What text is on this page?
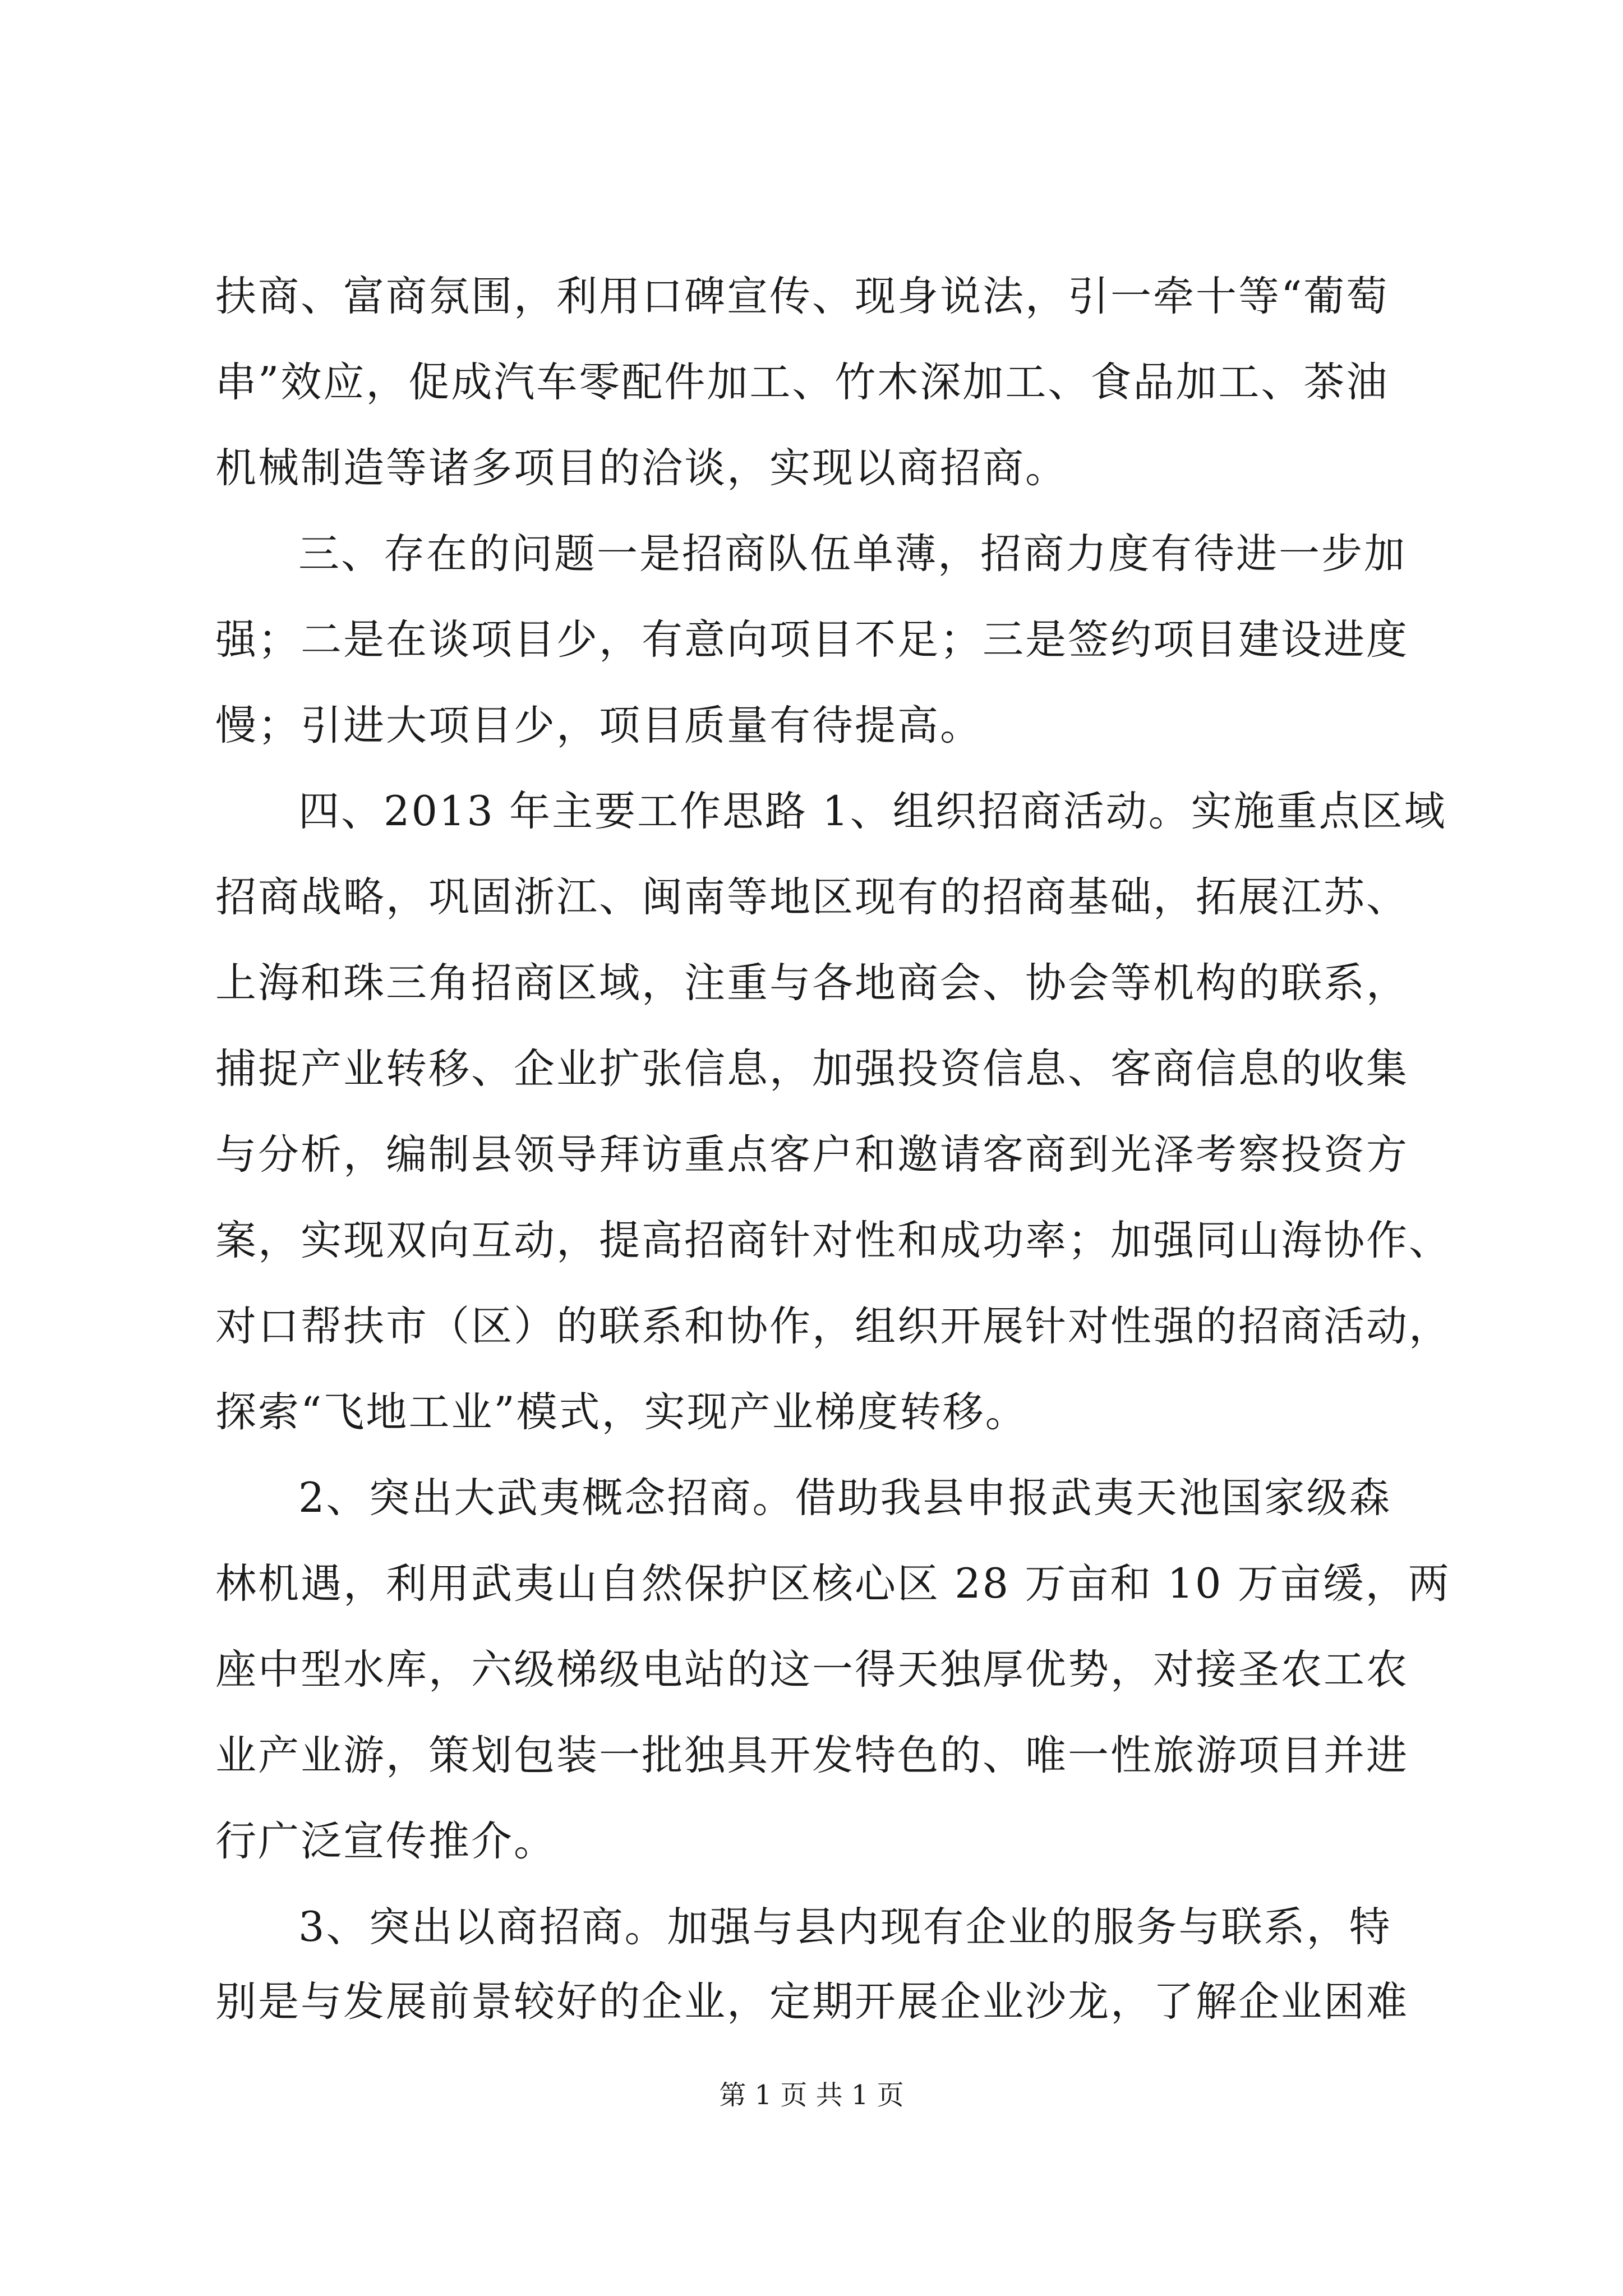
扶商、富商氛围，利用口碑宣传、现身说法，引一牵十等“葡萄
串”效应，促成汽车零配件加工、竹木深加工、食品加工、茶油
机械制造等诸多项目的洽谈，实现以商招商。
三、存在的问题一是招商队伍单薄，招商力度有待进一步加
强；二是在谈项目少，有意向项目不足；三是签约项目建设进度
慢；引进大项目少，项目质量有待提高。
四、2013 年主要工作思路 1、组织招商活动。实施重点区域
招商战略，巩固浙江、闽南等地区现有的招商基础，拓展江苏、
上海和珠三角招商区域，注重与各地商会、协会等机构的联系，
捕捉产业转移、企业扩张信息，加强投资信息、客商信息的收集
与分析，编制县领导拜访重点客户和邀请客商到光泽考察投资方
案，实现双向互动，提高招商针对性和成功率；加强同山海协作、
对口帮扶市（区）的联系和协作，组织开展针对性强的招商活动，
探索“飞地工业”模式，实现产业梯度转移。
2、突出大武夷概念招商。借助我县申报武夷天池国家级森
林机遇，利用武夷山自然保护区核心区 28 万亩和 10 万亩缓，两
座中型水库，六级梯级电站的这一得天独厚优势，对接圣农工农
业产业游，策划包装一批独具开发特色的、唯一性旅游项目并进
行广泛宣传推介。
3、突出以商招商。加强与县内现有企业的服务与联系，特
别是与发展前景较好的企业，定期开展企业沙龙，了解企业困难
第 1 页 共 1 页
